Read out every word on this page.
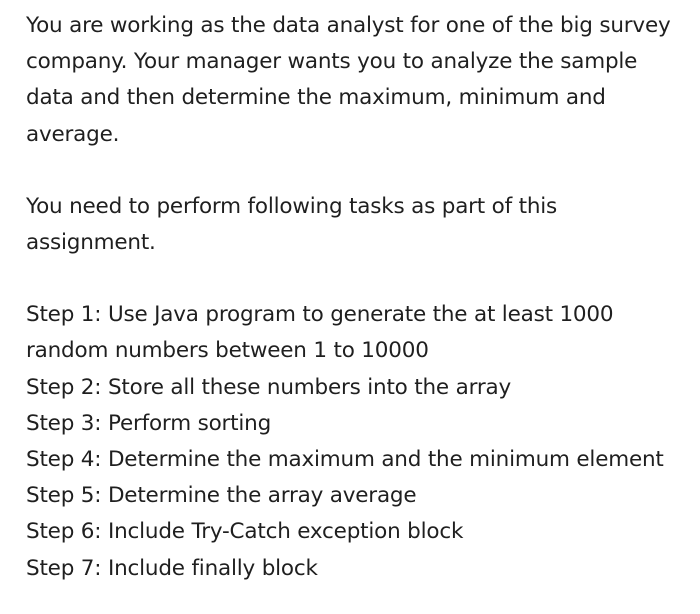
You are working as the data analyst for one of the big survey company. Your manager wants you to analyze the sample data and then determine the maximum, minimum and average.

You need to perform following tasks as part of this assignment.

Step 1: Use Java program to generate the at least 1000 random numbers between 1 to 10000
Step 2: Store all these numbers into the array
Step 3: Perform sorting
Step 4: Determine the maximum and the minimum element
Step 5: Determine the array average
Step 6: Include Try-Catch exception block
Step 7: Include finally block
